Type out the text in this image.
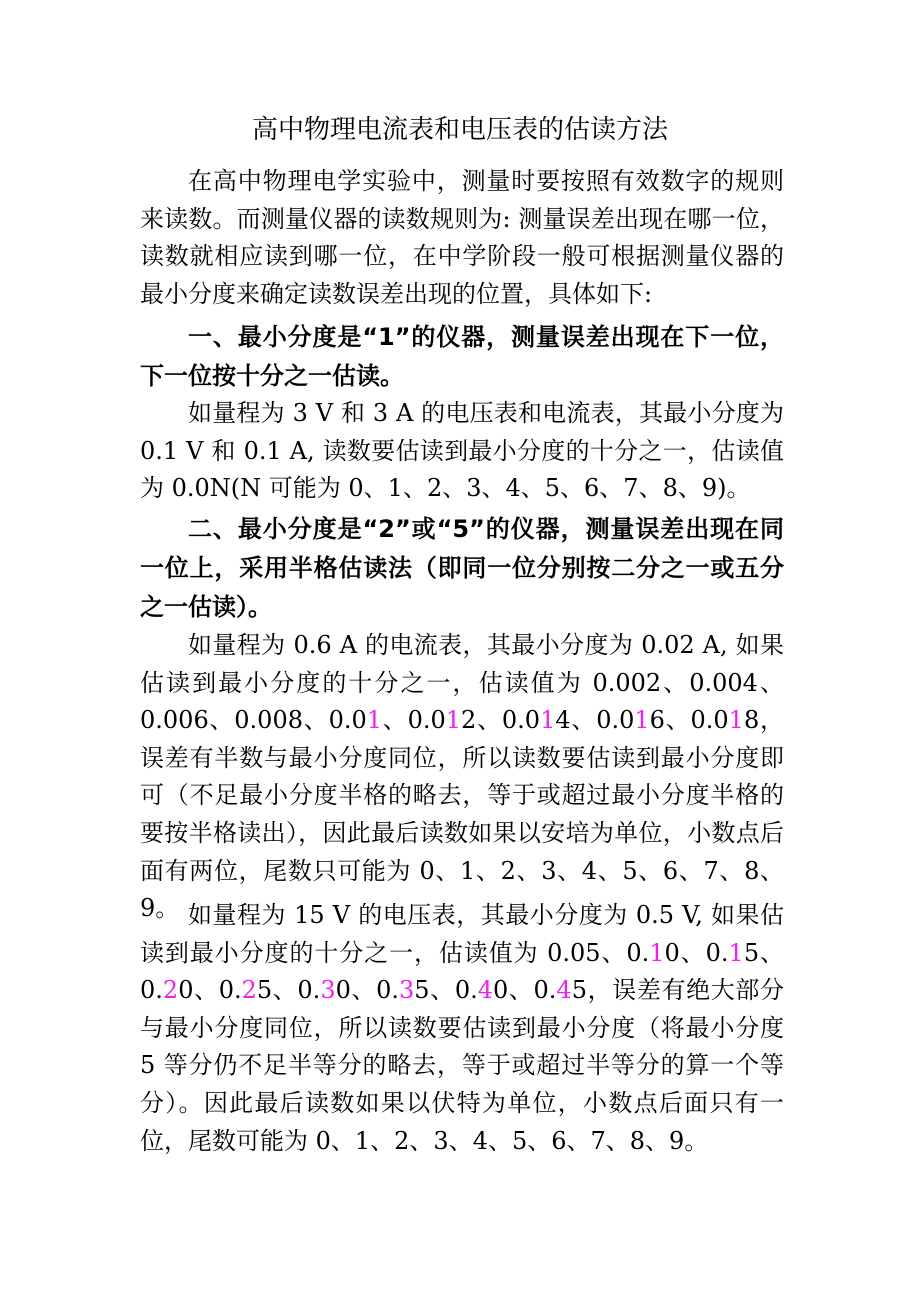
高中物理电流表和电压表的估读方法

在高中物理电学实验中，测量时要按照有效数字的规则来读数。而测量仪器的读数规则为: 测量误差出现在哪一位，读数就相应读到哪一位，在中学阶段一般可根据测量仪器的最小分度来确定读数误差出现的位置，具体如下:

一、最小分度是“1”的仪器，测量误差出现在下一位，下一位按十分之一估读。

如量程为 3 V 和 3 A 的电压表和电流表，其最小分度为 0.1 V 和 0.1 A, 读数要估读到最小分度的十分之一，估读值为 0.0N(N 可能为 0、1、2、3、4、5、6、7、8、9)。

二、最小分度是“2”或“5”的仪器，测量误差出现在同一位上，采用半格估读法（即同一位分别按二分之一或五分之一估读）。

如量程为 0.6 A 的电流表，其最小分度为 0.02 A, 如果估读到最小分度的十分之一，估读值为 0.002、0.004、0.006、0.008、0.01、0.012、0.014、0.016、0.018，误差有半数与最小分度同位，所以读数要估读到最小分度即可（不足最小分度半格的略去，等于或超过最小分度半格的要按半格读出），因此最后读数如果以安培为单位，小数点后面有两位，尾数只可能为 0、1、2、3、4、5、6、7、8、9。 如量程为 15 V 的电压表，其最小分度为 0.5 V, 如果估读到最小分度的十分之一，估读值为 0.05、0.10、0.15、0.20、0.25、0.30、0.35、0.40、0.45，误差有绝大部分与最小分度同位，所以读数要估读到最小分度（将最小分度 5 等分仍不足半等分的略去，等于或超过半等分的算一个等分）。因此最后读数如果以伏特为单位，小数点后面只有一位，尾数可能为 0、1、2、3、4、5、6、7、8、9。
